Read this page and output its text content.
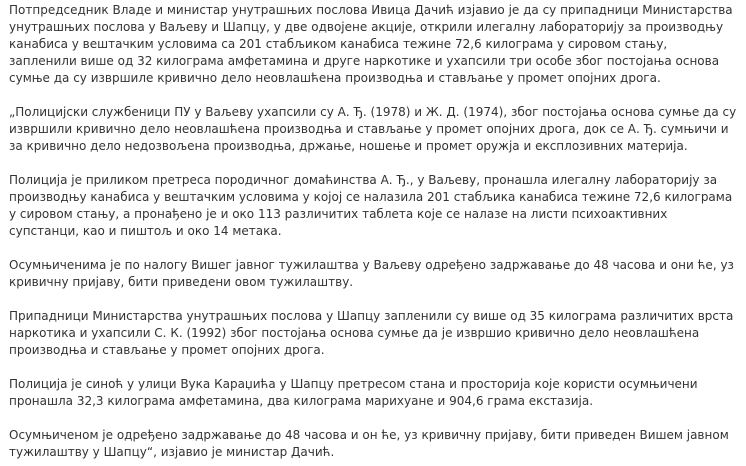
Потпредседник Владе и министар унутрашњих послова Ивица Дачић изјавио је да су припадници Министарства унутрашњих послова у Ваљеву и Шапцу, у две одвојене акције, открили илегалну лабораторију за производњу канабиса у вештачким условима са 201 стабљиком канабиса тежине 72,6 килограма у сировом стању, запленили више од 32 килограма амфетамина и друге наркотике и ухапсили три особе због постојања основа сумње да су извршиле кривично дело неовлашћена производња и стављање у промет опојних дрога.

„Полицијски службеници ПУ у Ваљеву ухапсили су А. Ђ. (1978) и Ж. Д. (1974), због постојања основа сумње да су извршили кривично дело неовлашћена производња и стављање у промет опојних дрога, док се А. Ђ. сумњичи и за кривично дело недозвољена производња, држање, ношење и промет оружја и експлозивних материја.

Полиција је приликом претреса породичног домаћинства А. Ђ., у Ваљеву, пронашла илегалну лабораторију за производњу канабиса у вештачким условима у којој се налазила 201 стабљика канабиса тежине 72,6 килограма у сировом стању, а пронађено је и око 113 различитих таблета које се налазе на листи психоактивних супстанци, као и пиштољ и око 14 метака.

Осумњиченима је по налогу Вишег јавног тужилаштва у Ваљеву одређено задржавање до 48 часова и они ће, уз кривичну пријаву, бити приведени овом тужилаштву.

Припадници Министарства унутрашњих послова у Шапцу запленили су више од 35 килограма различитих врста наркотика и ухапсили С. К. (1992) због постојања основа сумње да је извршио кривично дело неовлашћена производња и стављање у промет опојних дрога.

Полиција је синоћ у улици Вука Караџића у Шапцу претресом стана и просторија које користи осумњичени пронашла 32,3 килограма амфетамина, два килограма марихуане и 904,6 грама екстазија.

Осумњиченом је одређено задржавање до 48 часова и он ће, уз кривичну пријаву, бити приведен Вишем јавном тужилаштву у Шапцу“, изјавио је министар Дачић.
